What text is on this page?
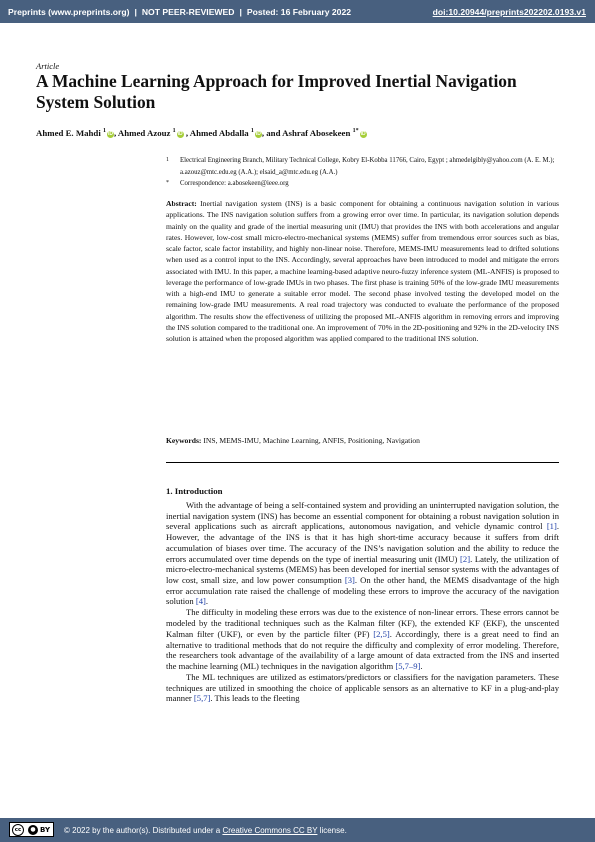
Preprints (www.preprints.org) | NOT PEER-REVIEWED | Posted: 16 February 2022	doi:10.20944/preprints202202.0193.v1
Article
A Machine Learning Approach for Improved Inertial Navigation System Solution
Ahmed E. Mahdi $^1$ iD, Ahmed Azouz $^1$ iD , Ahmed Abdalla $^1$ iD, and Ashraf Abosekeen $^{1*}$ iD
1 Electrical Engineering Branch, Military Technical College, Kobry El-Kobba 11766, Cairo, Egypt ; ahmedelgibly@yahoo.com (A. E. M.); a.azouz@mtc.edu.eg (A.A.); elsaid_a@mtc.edu.eg (A.A.)
* Correspondence: a.abosekeen@ieee.org

Abstract: Inertial navigation system (INS) is a basic component for obtaining a continuous navigation solution in various applications. The INS navigation solution suffers from a growing error over time. In particular, its navigation solution depends mainly on the quality and grade of the inertial measuring unit (IMU) that provides the INS with both accelerations and angular rates. However, low-cost small micro-electro-mechanical systems (MEMS) suffer from tremendous error sources such as bias, scale factor, scale factor instability, and highly non-linear noise. Therefore, MEMS-IMU measurements lead to drifted solutions when used as a control input to the INS. Accordingly, several approaches have been introduced to model and mitigate the errors associated with IMU. In this paper, a machine learning-based adaptive neuro-fuzzy inference system (ML-ANFIS) is proposed to leverage the performance of low-grade IMUs in two phases. The first phase is training 50% of the low-grade IMU measurements with a high-end IMU to generate a suitable error model. The second phase involved testing the developed model on the remaining low-grade IMU measurements. A real road trajectory was conducted to evaluate the performance of the proposed algorithm. The results show the effectiveness of utilizing the proposed ML-ANFIS algorithm in removing errors and improving the INS solution compared to the traditional one. An improvement of 70% in the 2D-positioning and 92% in the 2D-velocity INS solution is attained when the proposed algorithm was applied compared to the traditional INS solution.

Keywords: INS, MEMS-IMU, Machine Learning, ANFIS, Positioning, Navigation

1. Introduction

With the advantage of being a self-contained system and providing an uninterrupted navigation solution, the inertial navigation system (INS) has become an essential component for obtaining a robust navigation solution in several applications such as aircraft applications, autonomous navigation, and vehicle dynamic control [1]. However, the advantage of the INS is that it has high short-time accuracy because it suffers from drift accumulation of biases over time. The accuracy of the INS’s navigation solution and the ability to reduce the errors accumulated over time depends on the type of inertial measuring unit (IMU) [2]. Lately, the utilization of micro-electro-mechanical systems (MEMS) has been developed for inertial sensor systems with the advantages of low cost, small size, and low power consumption [3]. On the other hand, the MEMS disadvantage of the high error accumulation rate raised the challenge of modeling these errors to improve the accuracy of the navigation solution [4].

The difficulty in modeling these errors was due to the existence of non-linear errors. These errors cannot be modeled by the traditional techniques such as the Kalman filter (KF), the extended KF (EKF), the unscented Kalman filter (UKF), or even by the particle filter (PF) [2,5]. Accordingly, there is a great need to find an alternative to traditional methods that do not require the difficulty and complexity of error modeling. Therefore, the researchers took advantage of the availability of a large amount of data extracted from the INS and inserted the machine learning (ML) techniques in the navigation algorithm [5,7–9].

The ML techniques are utilized as estimators/predictors or classifiers for the navigation parameters. These techniques are utilized in smoothing the choice of applicable sensors as an alternative to KF in a plug-and-play manner [5,7]. This leads to the fleeting

cc	● BY © 2022 by the author(s). Distributed under a Creative Commons CC BY license.
